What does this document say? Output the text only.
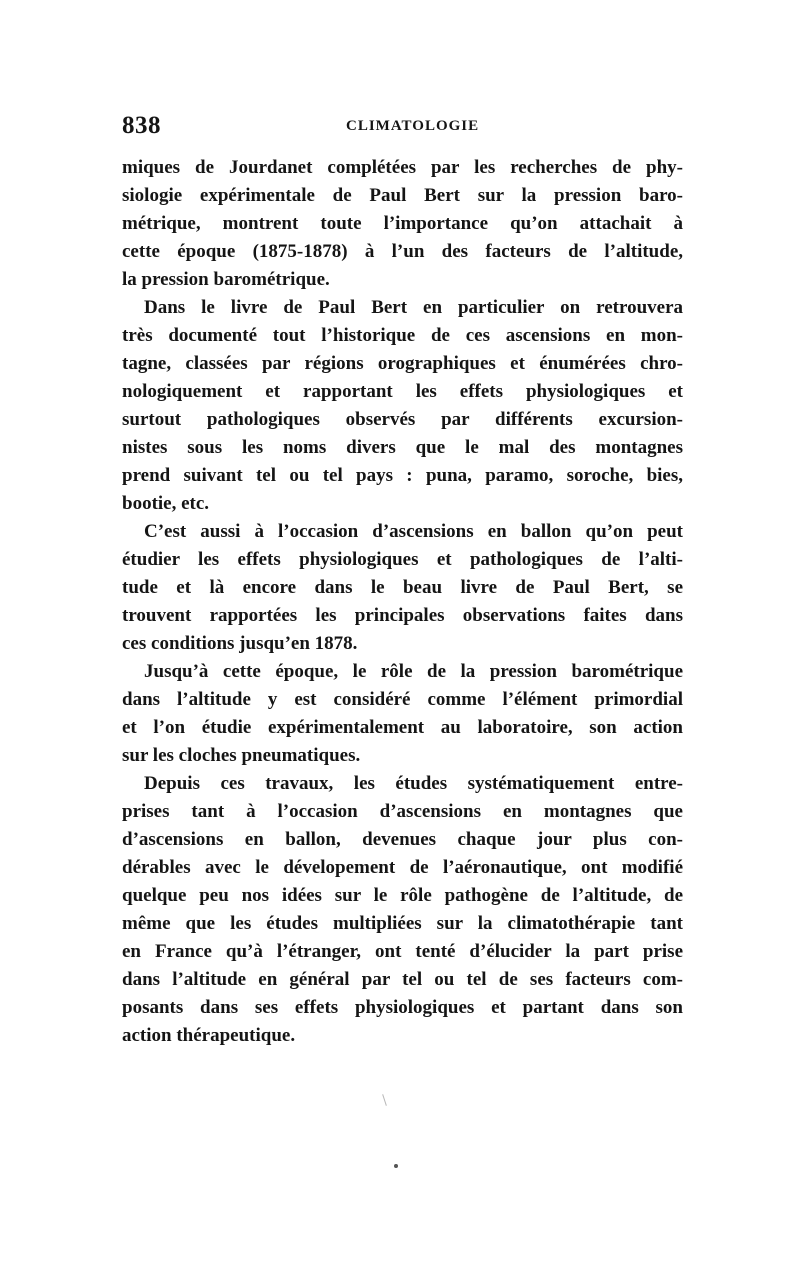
838	CLIMATOLOGIE
miques de Jourdanet complétées par les recherches de phy-
siologie expérimentale de Paul Bert sur la pression baro-
métrique, montrent toute l’importance qu’on attachait à
cette époque (1875-1878) à l’un des facteurs de l’altitude,
la pression barométrique.
Dans le livre de Paul Bert en particulier on retrouvera
très documenté tout l’historique de ces ascensions en mon-
tagne, classées par régions orographiques et énumérées chro-
nologiquement et rapportant les effets physiologiques et
surtout pathologiques observés par différents excursion-
nistes sous les noms divers que le mal des montagnes
prend suivant tel ou tel pays : puna, paramo, soroche, bies,
bootie, etc.
C’est aussi à l’occasion d’ascensions en ballon qu’on peut
étudier les effets physiologiques et pathologiques de l’alti-
tude et là encore dans le beau livre de Paul Bert, se
trouvent rapportées les principales observations faites dans
ces conditions jusqu’en 1878.
Jusqu’à cette époque, le rôle de la pression barométrique
dans l’altitude y est considéré comme l’élément primordial
et l’on étudie expérimentalement au laboratoire, son action
sur les cloches pneumatiques.
Depuis ces travaux, les études systématiquement entre-
prises tant à l’occasion d’ascensions en montagnes que
d’ascensions en ballon, devenues chaque jour plus con-
dérables avec le dévelopement de l’aéronautique, ont modifié
quelque peu nos idées sur le rôle pathogène de l’altitude, de
même que les études multipliées sur la climatothérapie tant
en France qu’à l’étranger, ont tenté d’élucider la part prise
dans l’altitude en général par tel ou tel de ses facteurs com-
posants dans ses effets physiologiques et partant dans son
action thérapeutique.
